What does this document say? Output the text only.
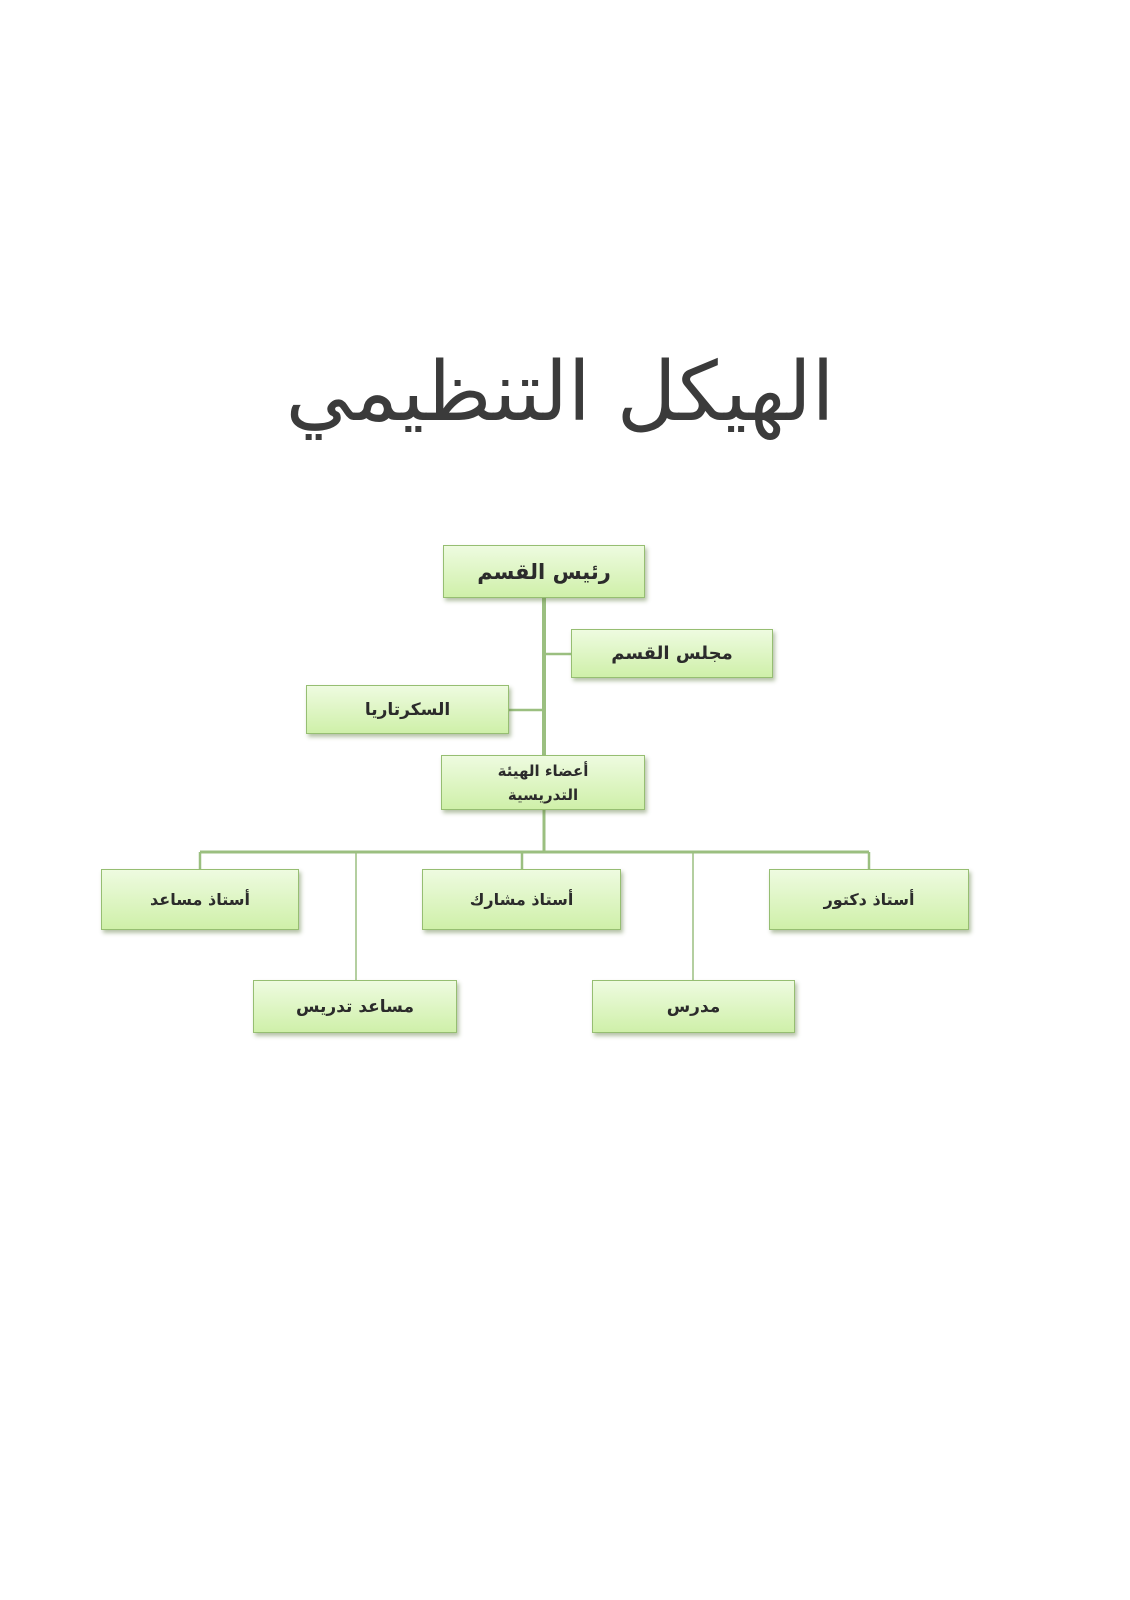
الهيكل التنظيمي
رئيس القسم
مجلس القسم
السكرتاريا
أعضاء الهيئة
التدريسية
أستاذ دكتور
أستاذ مشارك
أستاذ مساعد
مدرس
مساعد تدريس
